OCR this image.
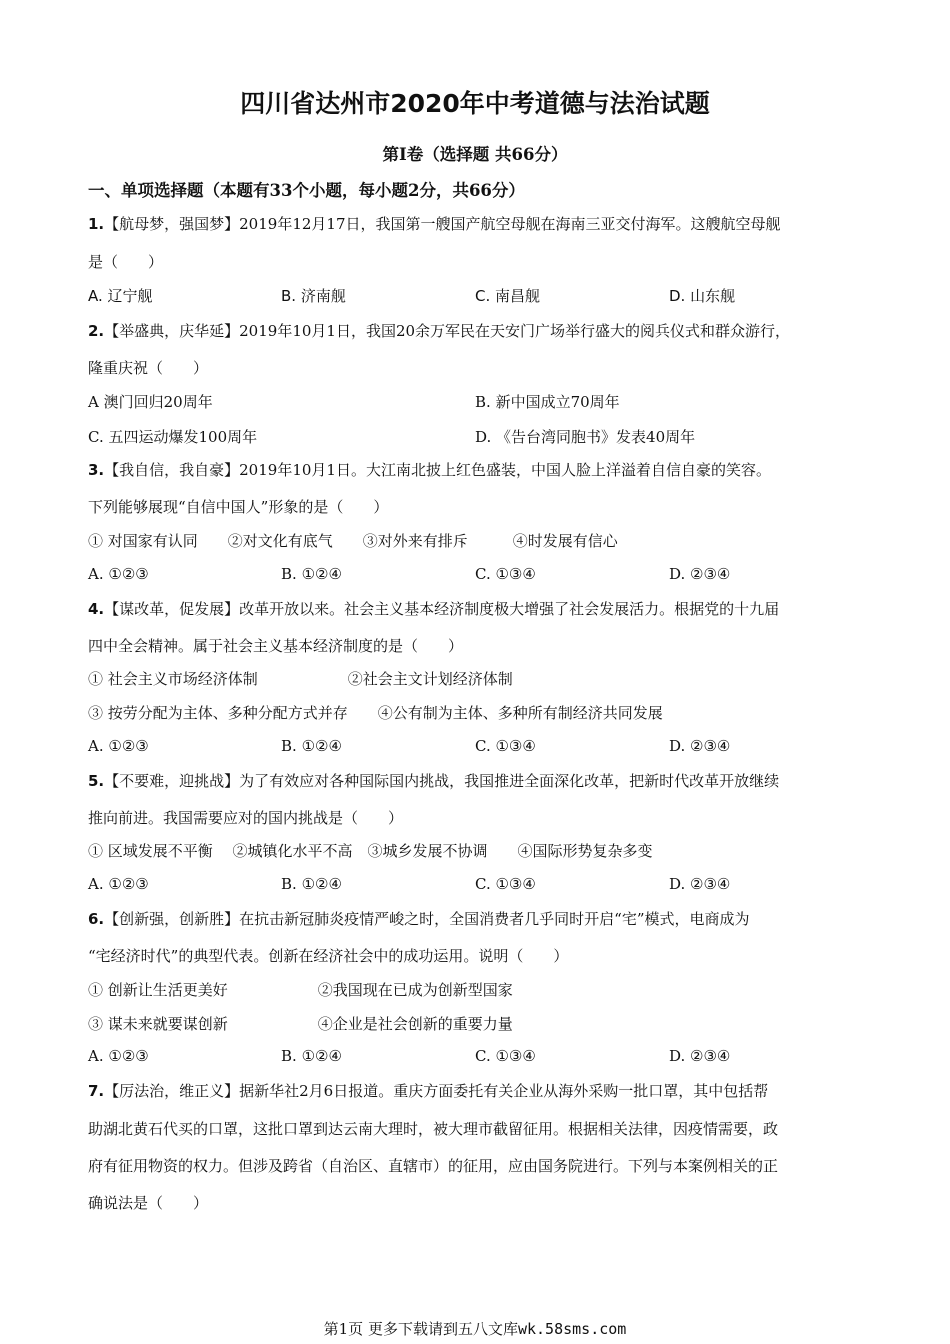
四川省达州市2020年中考道德与法治试题
第I卷（选择题 共66分）
一、单项选择题（本题有33个小题，每小题2分，共66分）
1.【航母梦，强国梦】2019年12月17日，我国第一艘国产航空母舰在海南三亚交付海军。这艘航空母舰
是（　　）
A. 辽宁舰	B. 济南舰	C. 南昌舰	D. 山东舰
2.【举盛典，庆华延】2019年10月1日，我国20余万军民在天安门广场举行盛大的阅兵仪式和群众游行，
隆重庆祝（　　）
A 澳门回归20周年	B. 新中国成立70周年
C. 五四运动爆发100周年	D. 《告台湾同胞书》发表40周年
3.【我自信，我自豪】2019年10月1日。大江南北披上红色盛装，中国人脸上洋溢着自信自豪的笑容。
下列能够展现“自信中国人”形象的是（　　）
① 对国家有认同　　②对文化有底气　　③对外来有排斥　　　④时发展有信心
A. ①②③	B. ①②④	C. ①③④	D. ②③④
4.【谋改革，促发展】改革开放以来。社会主义基本经济制度极大增强了社会发展活力。根据党的十九届
四中全会精神。属于社会主义基本经济制度的是（　　）
① 社会主义市场经济体制　　　　　　②社会主文计划经济体制
③ 按劳分配为主体、多种分配方式并存　　④公有制为主体、多种所有制经济共同发展
A. ①②③	B. ①②④	C. ①③④	D. ②③④
5.【不要难，迎挑战】为了有效应对各种国际国内挑战，我国推进全面深化改革，把新时代改革开放继续
推向前进。我国需要应对的国内挑战是（　　）
① 区域发展不平衡　 ②城镇化水平不高　③城乡发展不协调　　④国际形势复杂多变
A. ①②③	B. ①②④	C. ①③④	D. ②③④
6.【创新强，创新胜】在抗击新冠肺炎疫情严峻之时，全国消费者几乎同时开启“宅”模式，电商成为
“宅经济时代”的典型代表。创新在经济社会中的成功运用。说明（　　）
① 创新让生活更美好　　　　　　②我国现在已成为创新型国家
③ 谋未来就要谋创新　　　　　　④企业是社会创新的重要力量
A. ①②③	B. ①②④	C. ①③④	D. ②③④
7.【厉法治，维正义】据新华社2月6日报道。重庆方面委托有关企业从海外采购一批口罩，其中包括帮
助湖北黄石代买的口罩，这批口罩到达云南大理时，被大理市截留征用。根据相关法律，因疫情需要，政
府有征用物资的权力。但涉及跨省（自治区、直辖市）的征用，应由国务院进行。下列与本案例相关的正
确说法是（　　）
第1页 更多下载请到五八文库wk.58sms.com
